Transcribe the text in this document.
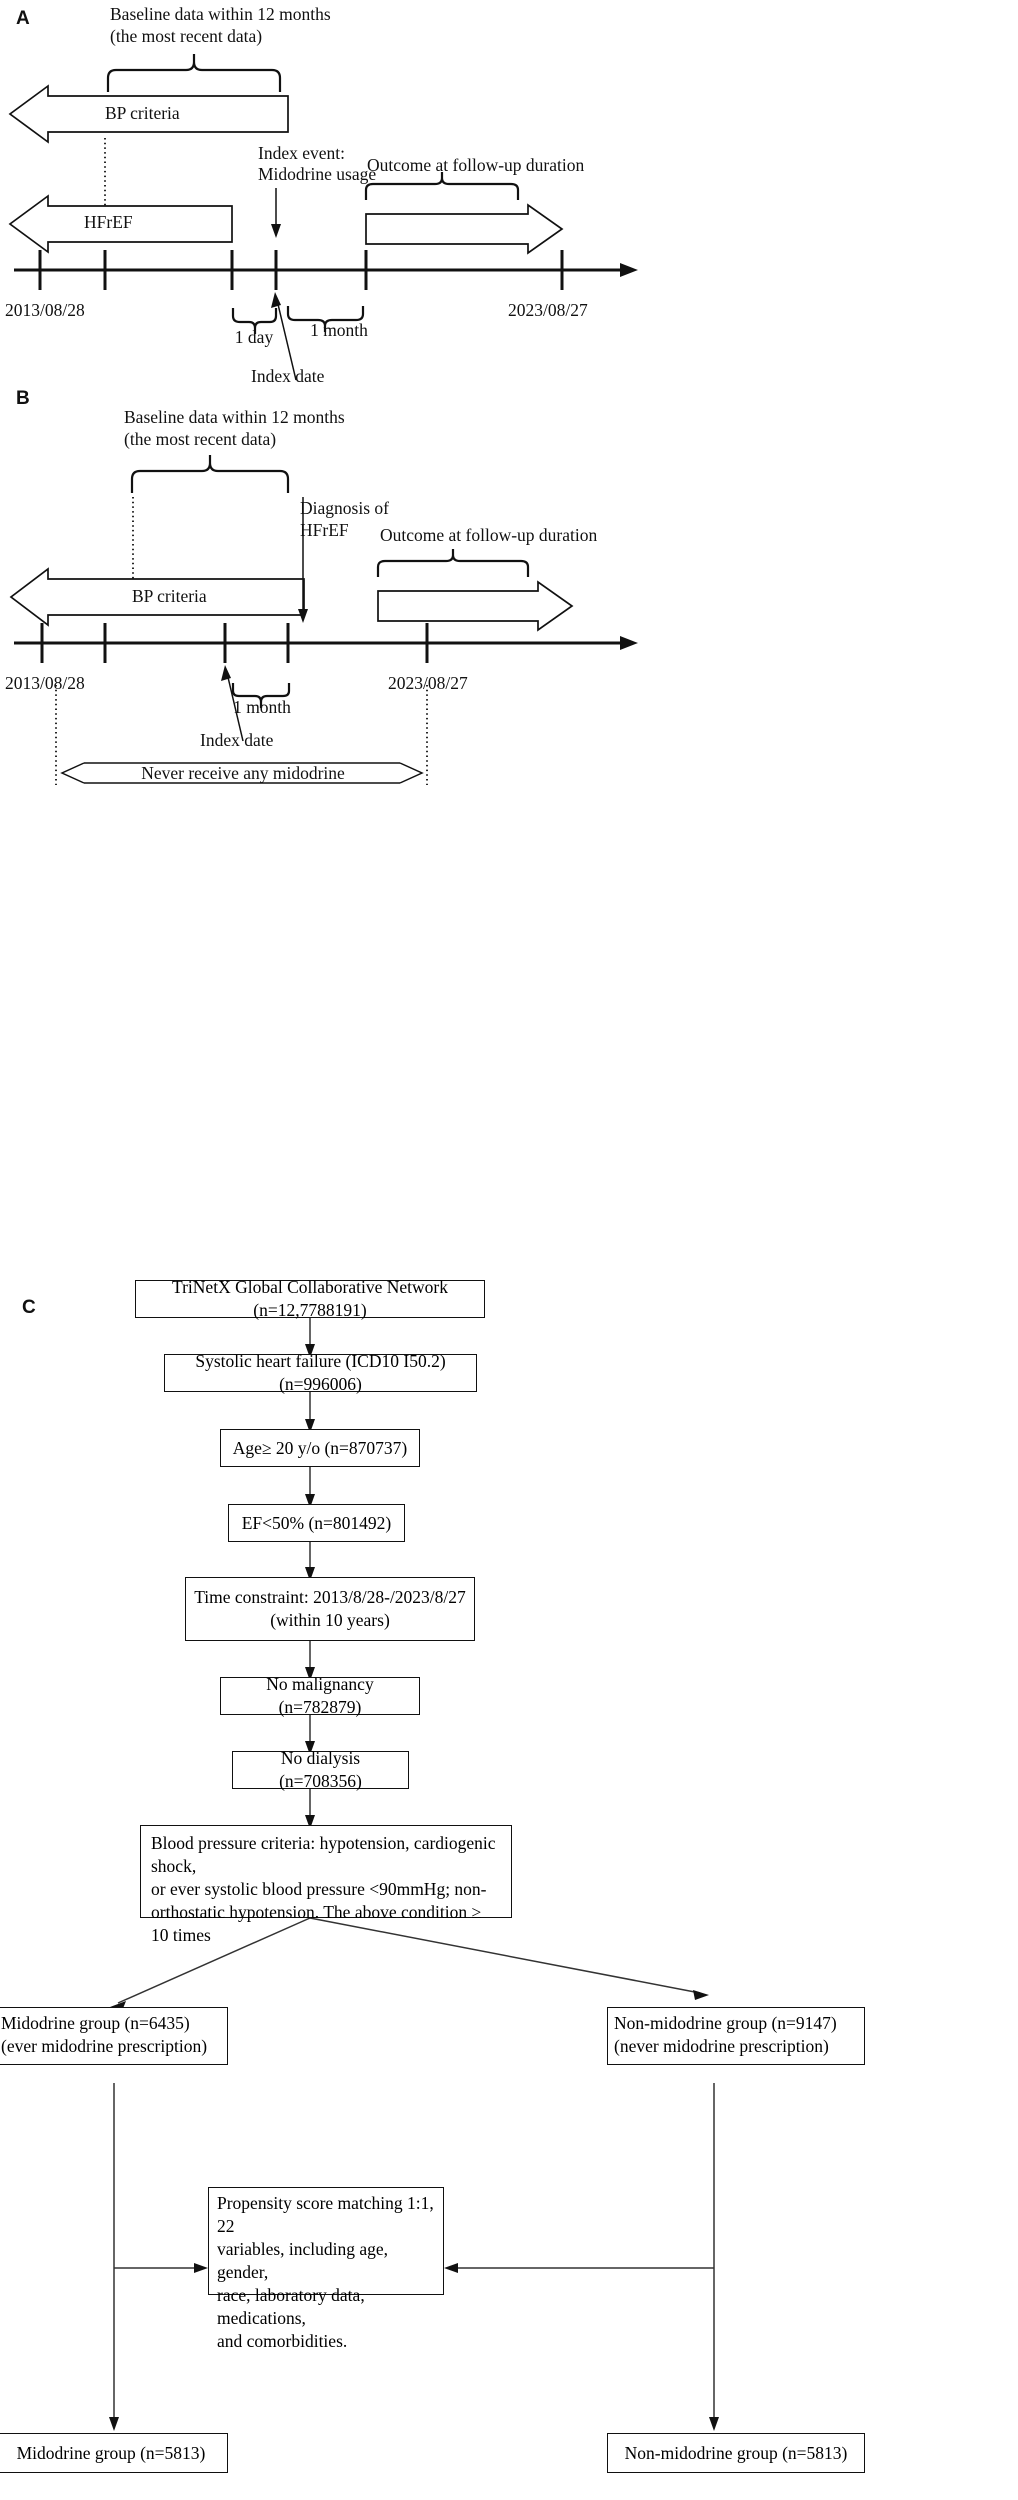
A	Baseline data within 12 months
(the most recent data)
BP criteria
HFrEF
Index event:
Midodrine usage
Outcome at follow-up duration
2013/08/28	2023/08/27
1 day 1 month
Index date
B
Baseline data within 12 months
(the most recent data)
BP criteria
Diagnosis of
HFrEF Outcome at follow-up duration
2013/08/28	2023/08/27
1 month
Index date
Never receive any midodrine
C
TriNetX Global Collaborative Network (n=12,7788191)
Systolic heart failure (ICD10 I50.2) (n=996006)
Age≥ 20 y/o (n=870737)
EF<50% (n=801492)
Time constraint: 2013/8/28-/2023/8/27
(within 10 years)
No malignancy (n=782879)
No dialysis (n=708356)
Blood pressure criteria: hypotension, cardiogenic shock,
or ever systolic blood pressure <90mmHg; non-
orthostatic hypotension. The above condition ≥ 10 times
Midodrine group (n=6435)
(ever midodrine prescription)
Non-midodrine group (n=9147)
(never midodrine prescription)
Propensity score matching 1:1, 22
variables, including age, gender,
race, laboratory data, medications,
and comorbidities.
Midodrine group (n=5813)	Non-midodrine group (n=5813)
